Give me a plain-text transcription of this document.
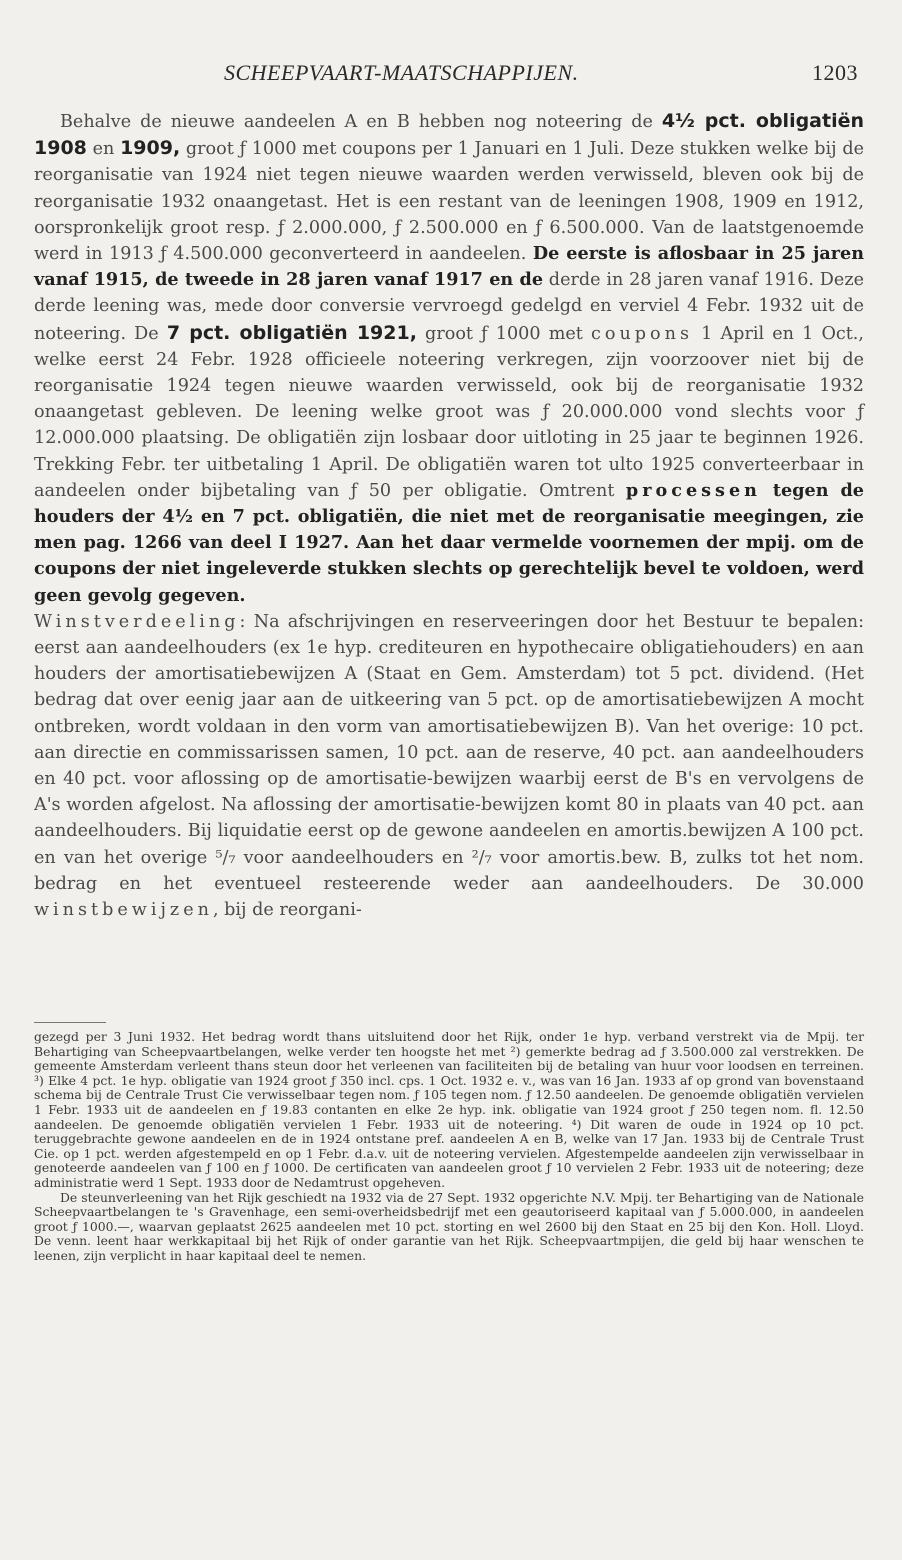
SCHEEPVAART-MAATSCHAPPIJEN.	1203

Behalve de nieuwe aandeelen A en B hebben nog noteering de 4½ pct. obligatiën 1908 en 1909, groot ƒ 1000 met coupons per 1 Januari en 1 Juli. Deze stukken welke bij de reorganisatie van 1924 niet tegen nieuwe waarden werden verwisseld, bleven ook bij de reorganisatie 1932 onaangetast. Het is een restant van de leeningen 1908, 1909 en 1912, oorspronkelijk groot resp. ƒ 2.000.000, ƒ 2.500.000 en ƒ 6.500.000. Van de laatstgenoemde werd in 1913 ƒ 4.500.000 geconverteerd in aandeelen. De eerste is aflosbaar in 25 jaren vanaf 1915, de tweede in 28 jaren vanaf 1917 en de derde in 28 jaren vanaf 1916. Deze derde leening was, mede door conversie vervroegd gedelgd en verviel 4 Febr. 1932 uit de noteering. De 7 pct. obligatiën 1921, groot ƒ 1000 met coupons 1 April en 1 Oct., welke eerst 24 Febr. 1928 officieele noteering verkregen, zijn voorzoover niet bij de reorganisatie 1924 tegen nieuwe waarden verwisseld, ook bij de reorganisatie 1932 onaangetast gebleven. De leening welke groot was ƒ 20.000.000 vond slechts voor ƒ 12.000.000 plaatsing. De obligatiën zijn losbaar door uitloting in 25 jaar te beginnen 1926. Trekking Febr. ter uitbetaling 1 April. De obligatiën waren tot ulto 1925 converteerbaar in aandeelen onder bijbetaling van ƒ 50 per obligatie. Omtrent processen tegen de houders der 4½ en 7 pct. obligatiën, die niet met de reorganisatie meegingen, zie men pag. 1266 van deel I 1927. Aan het daar vermelde voornemen der mpij. om de coupons der niet ingeleverde stukken slechts op gerechtelijk bevel te voldoen, werd geen gevolg gegeven.

Winstverdeeling: Na afschrijvingen en reserveeringen door het Bestuur te bepalen: eerst aan aandeelhouders (ex 1e hyp. crediteuren en hypothecaire obligatiehouders) en aan houders der amortisatiebewijzen A (Staat en Gem. Amsterdam) tot 5 pct. dividend. (Het bedrag dat over eenig jaar aan de uitkeering van 5 pct. op de amortisatiebewijzen A mocht ontbreken, wordt voldaan in den vorm van amortisatiebewijzen B). Van het overige: 10 pct. aan directie en commissarissen samen, 10 pct. aan de reserve, 40 pct. aan aandeelhouders en 40 pct. voor aflossing op de amortisatie-bewijzen waarbij eerst de B's en vervolgens de A's worden afgelost. Na aflossing der amortisatie-bewijzen komt 80 in plaats van 40 pct. aan aandeelhouders. Bij liquidatie eerst op de gewone aandeelen en amortis.bewijzen A 100 pct. en van het overige ⁵/₇ voor aandeelhouders en ²/₇ voor amortis.bew. B, zulks tot het nom. bedrag en het eventueel resteerende weder aan aandeelhouders. De 30.000 winstbewijzen, bij de reorgani-

gezegd per 3 Juni 1932. Het bedrag wordt thans uitsluitend door het Rijk, onder 1e hyp. verband verstrekt via de Mpij. ter Behartiging van Scheepvaartbelangen, welke verder ten hoogste het met ²) gemerkte bedrag ad ƒ 3.500.000 zal verstrekken. De gemeente Amsterdam verleent thans steun door het verleenen van faciliteiten bij de betaling van huur voor loodsen en terreinen. ³) Elke 4 pct. 1e hyp. obligatie van 1924 groot ƒ 350 incl. cps. 1 Oct. 1932 e. v., was van 16 Jan. 1933 af op grond van bovenstaand schema bij de Centrale Trust Cie verwisselbaar tegen nom. ƒ 105 tegen nom. ƒ 12.50 aandeelen. De genoemde obligatiën vervielen 1 Febr. 1933 uit de aandeelen en ƒ 19.83 contanten en elke 2e hyp. ink. obligatie van 1924 groot ƒ 250 tegen nom. fl. 12.50 aandeelen. De genoemde obligatiën vervielen 1 Febr. 1933 uit de noteering. ⁴) Dit waren de oude in 1924 op 10 pct. teruggebrachte gewone aandeelen en de in 1924 ontstane pref. aandeelen A en B, welke van 17 Jan. 1933 bij de Centrale Trust Cie. op 1 pct. werden afgestempeld en op 1 Febr. d.a.v. uit de noteering vervielen. Afgestempelde aandeelen zijn verwisselbaar in genoteerde aandeelen van ƒ 100 en ƒ 1000. De certificaten van aandeelen groot ƒ 10 vervielen 2 Febr. 1933 uit de noteering; deze administratie werd 1 Sept. 1933 door de Nedamtrust opgeheven.

De steunverleening van het Rijk geschiedt na 1932 via de 27 Sept. 1932 opgerichte N.V. Mpij. ter Behartiging van de Nationale Scheepvaartbelangen te 's Gravenhage, een semi-overheidsbedrijf met een geautoriseerd kapitaal van ƒ 5.000.000, in aandeelen groot ƒ 1000.—, waarvan geplaatst 2625 aandeelen met 10 pct. storting en wel 2600 bij den Staat en 25 bij den Kon. Holl. Lloyd. De venn. leent haar werkkapitaal bij het Rijk of onder garantie van het Rijk. Scheepvaartmpijen, die geld bij haar wenschen te leenen, zijn verplicht in haar kapitaal deel te nemen.
